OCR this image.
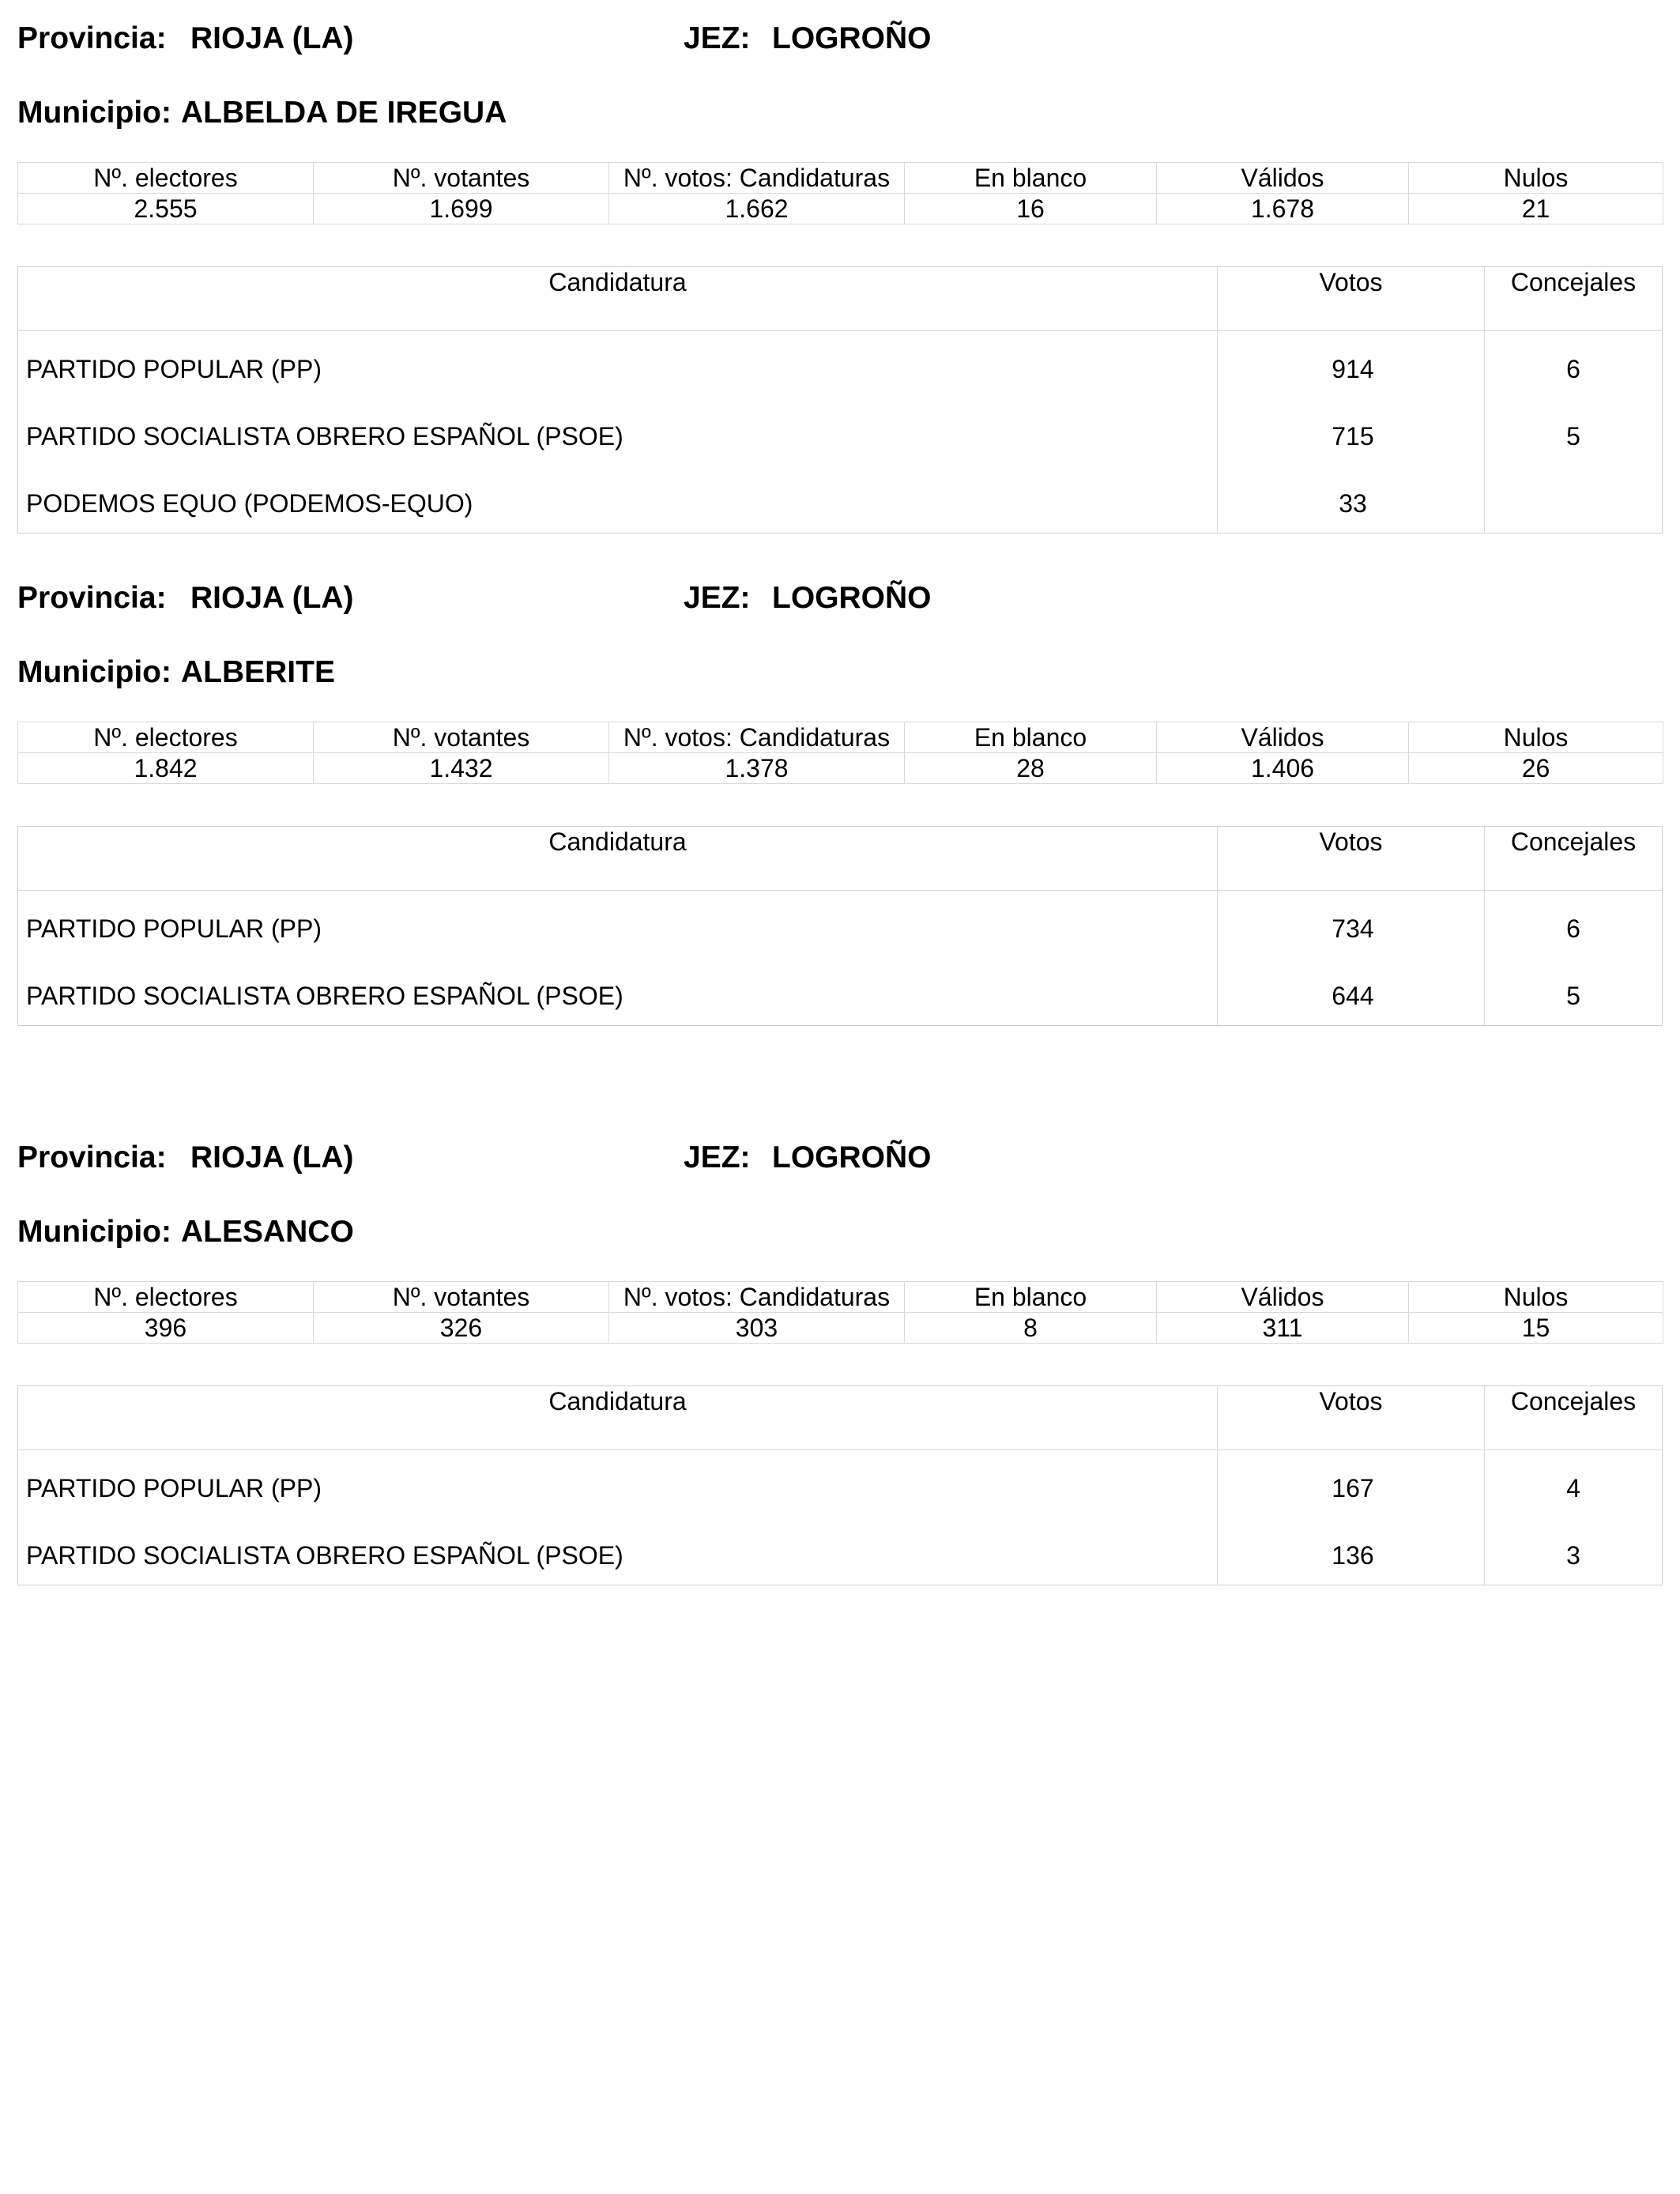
Provincia: RIOJA (LA)	JEZ: LOGROÑO
Municipio: ALBELDA DE IREGUA
Nº. electores	Nº. votantes	Nº. votos: Candidaturas	En blanco	Válidos	Nulos
2.555	1.699	1.662	16	1.678	21
Candidatura	Votos	Concejales
PARTIDO POPULAR (PP)	914	6
PARTIDO SOCIALISTA OBRERO ESPAÑOL (PSOE)	715	5
PODEMOS EQUO (PODEMOS-EQUO)	33
Provincia: RIOJA (LA)	JEZ: LOGROÑO
Municipio: ALBERITE
Nº. electores	Nº. votantes	Nº. votos: Candidaturas	En blanco	Válidos	Nulos
1.842	1.432	1.378	28	1.406	26
Candidatura	Votos	Concejales
PARTIDO POPULAR (PP)	734	6
PARTIDO SOCIALISTA OBRERO ESPAÑOL (PSOE)	644	5
Provincia: RIOJA (LA)	JEZ: LOGROÑO
Municipio: ALESANCO
Nº. electores	Nº. votantes	Nº. votos: Candidaturas	En blanco	Válidos	Nulos
396	326	303	8	311	15
Candidatura	Votos	Concejales
PARTIDO POPULAR (PP)	167	4
PARTIDO SOCIALISTA OBRERO ESPAÑOL (PSOE)	136	3
